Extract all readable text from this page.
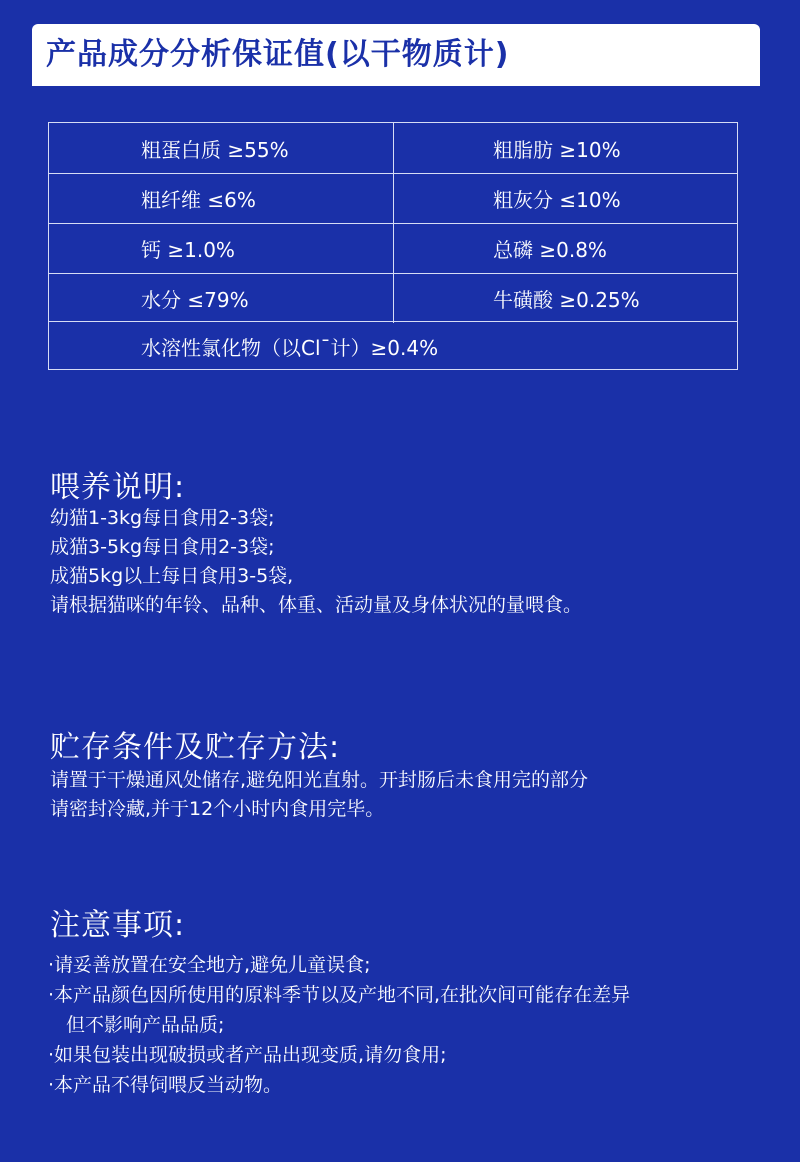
产品成分分析保证值(以干物质计)
粗蛋白质 ≥55%	粗脂肪 ≥10%
粗纤维 ≤6%	粗灰分 ≤10%
钙 ≥1.0%	总磷 ≥0.8%
水分 ≤79%	牛磺酸 ≥0.25%
水溶性氯化物（以Cl¯计）≥0.4%
喂养说明:
幼猫1-3kg每日食用2-3袋;
成猫3-5kg每日食用2-3袋;
成猫5kg以上每日食用3-5袋,
请根据猫咪的年铃、品种、体重、活动量及身体状况的量喂食。
贮存条件及贮存方法:
请置于干燥通风处储存,避免阳光直射。开封肠后未食用完的部分
请密封冷藏,并于12个小时内食用完毕。
注意事项:
·请妥善放置在安全地方,避免儿童误食;
·本产品颜色因所使用的原料季节以及产地不同,在批次间可能存在差异
但不影响产品品质;
·如果包装出现破损或者产品出现变质,请勿食用;
·本产品不得饲喂反当动物。
